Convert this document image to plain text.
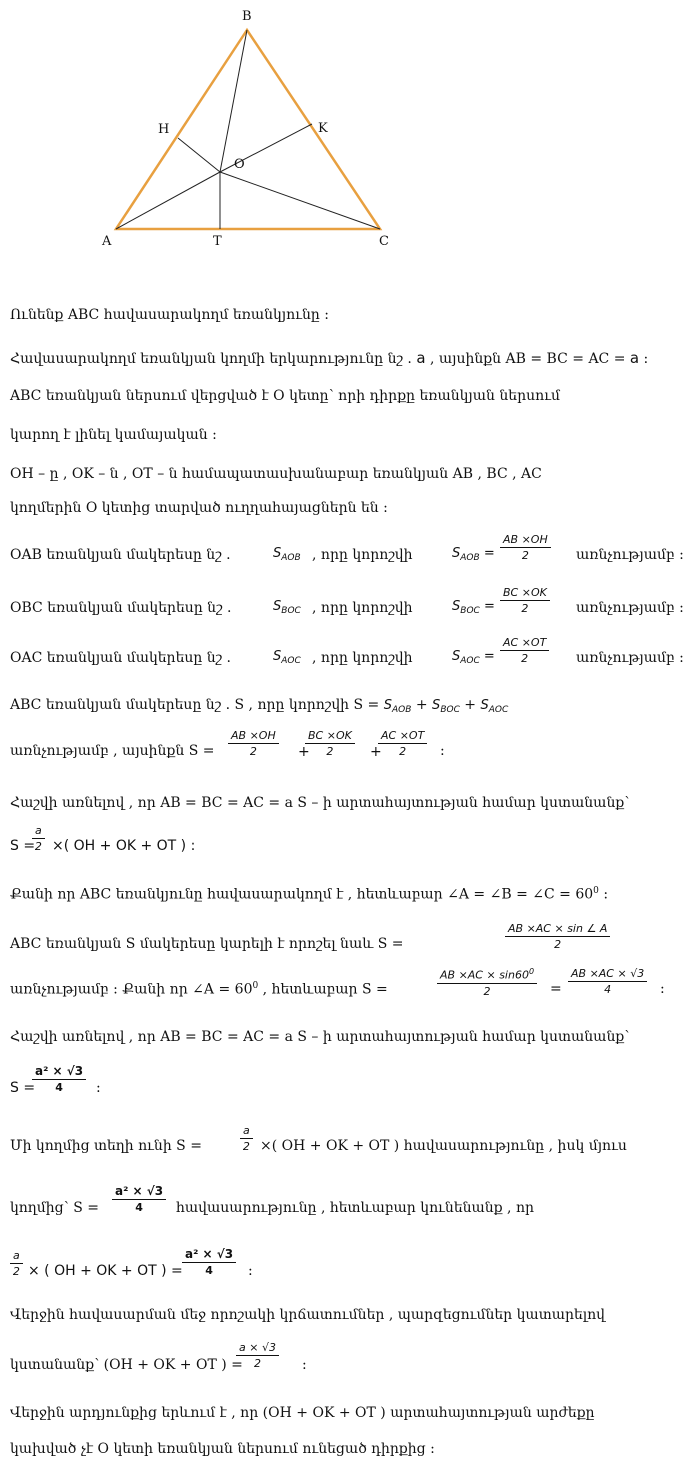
B
H	K
O
A	T	C
Ունենք ABC հավասարակողմ եռանկյունը :
Հավասարակողմ եռանկյան կողմի երկարությունը նշ . a , այսինքն AB = BC = AC = a :
ABC եռանկյան ներսում վերցված է O կետը՝ որի դիրքը եռանկյան ներսում
կարող է լինել կամայական :
OH – ը , OK – ն , OT – ն համապատասխանաբար եռանկյան AB , BC , AC
կողմերին O կետից տարված ուղղահայացներն են :
OAB եռանկյան մակերեսը նշ .	$S_{AOB}$ , որը կորոշվի	$S_{AOB} = \frac{AB \times OH}{2}$ առնչությամբ :
OBC եռանկյան մակերեսը նշ .	$S_{BOC}$ , որը կորոշվի	$S_{BOC} = \frac{BC \times OK}{2}$ առնչությամբ :
OAC եռանկյան մակերեսը նշ .	$S_{AOC}$ , որը կորոշվի	$S_{AOC} = \frac{AC \times OT}{2}$ առնչությամբ :
ABC եռանկյան մակերեսը նշ . S , որը կորոշվի $S = S_{AOB} + S_{BOC} + S_{AOC}$
առնչությամբ , այսինքն $S = \frac{AB \times OH}{2}$ +
$\frac{BC \times OK}{2}$ +
$\frac{AC \times OT}{2}$ :
Հաշվի առնելով , որ AB = BC = AC = a S – ի արտահայտության համար կստանանք՝
S =
$\frac{a}{2}$ ×( OH + OK + OT ) :
Քանի որ ABC եռանկյունը հավասարակողմ է , հետևաբար ∠A = ∠B = ∠C = $60^0$ :
ABC եռանկյան S մակերեսը կարելի է որոշել նաև S =	$\frac{AB \times AC \times \sin \angle A}{2}$
առնչությամբ : Քանի որ ∠A = $60^0$ , հետևաբար S =	$\frac{AB \times AC \times \sin 60^0}{2} = \frac{AB \times AC \times √3}{4}$ :
Հաշվի առնելով , որ AB = BC = AC = a S – ի արտահայտության համար կստանանք՝
S =
$\frac{\text{a² × √3}}{4}$ :
Մի կողմից տեղի ունի S =	$\frac{a}{2}$ ×( OH + OK + OT ) հավասարությունը , իսկ մյուս
կողմից՝ $S = \frac{\text{a² × √3}}{4}$ հավասարությունը , հետևաբար կունենանք , որ
$\frac{a}{2}$ × ( OH + OK + OT ) = $\frac{\text{a² × √3}}{4}$ :
Վերջին հավասարման մեջ որոշակի կրճատումներ , պարզեցումներ կատարելով
կստանանք՝ (OH + OK + OT ) =
$\frac{a \times √3}{2}$ :
Վերջին արդյունքից երևում է , որ (OH + OK + OT ) արտահայտության արժեքը
կախված չէ O կետի եռանկյան ներսում ունեցած դիրքից :
